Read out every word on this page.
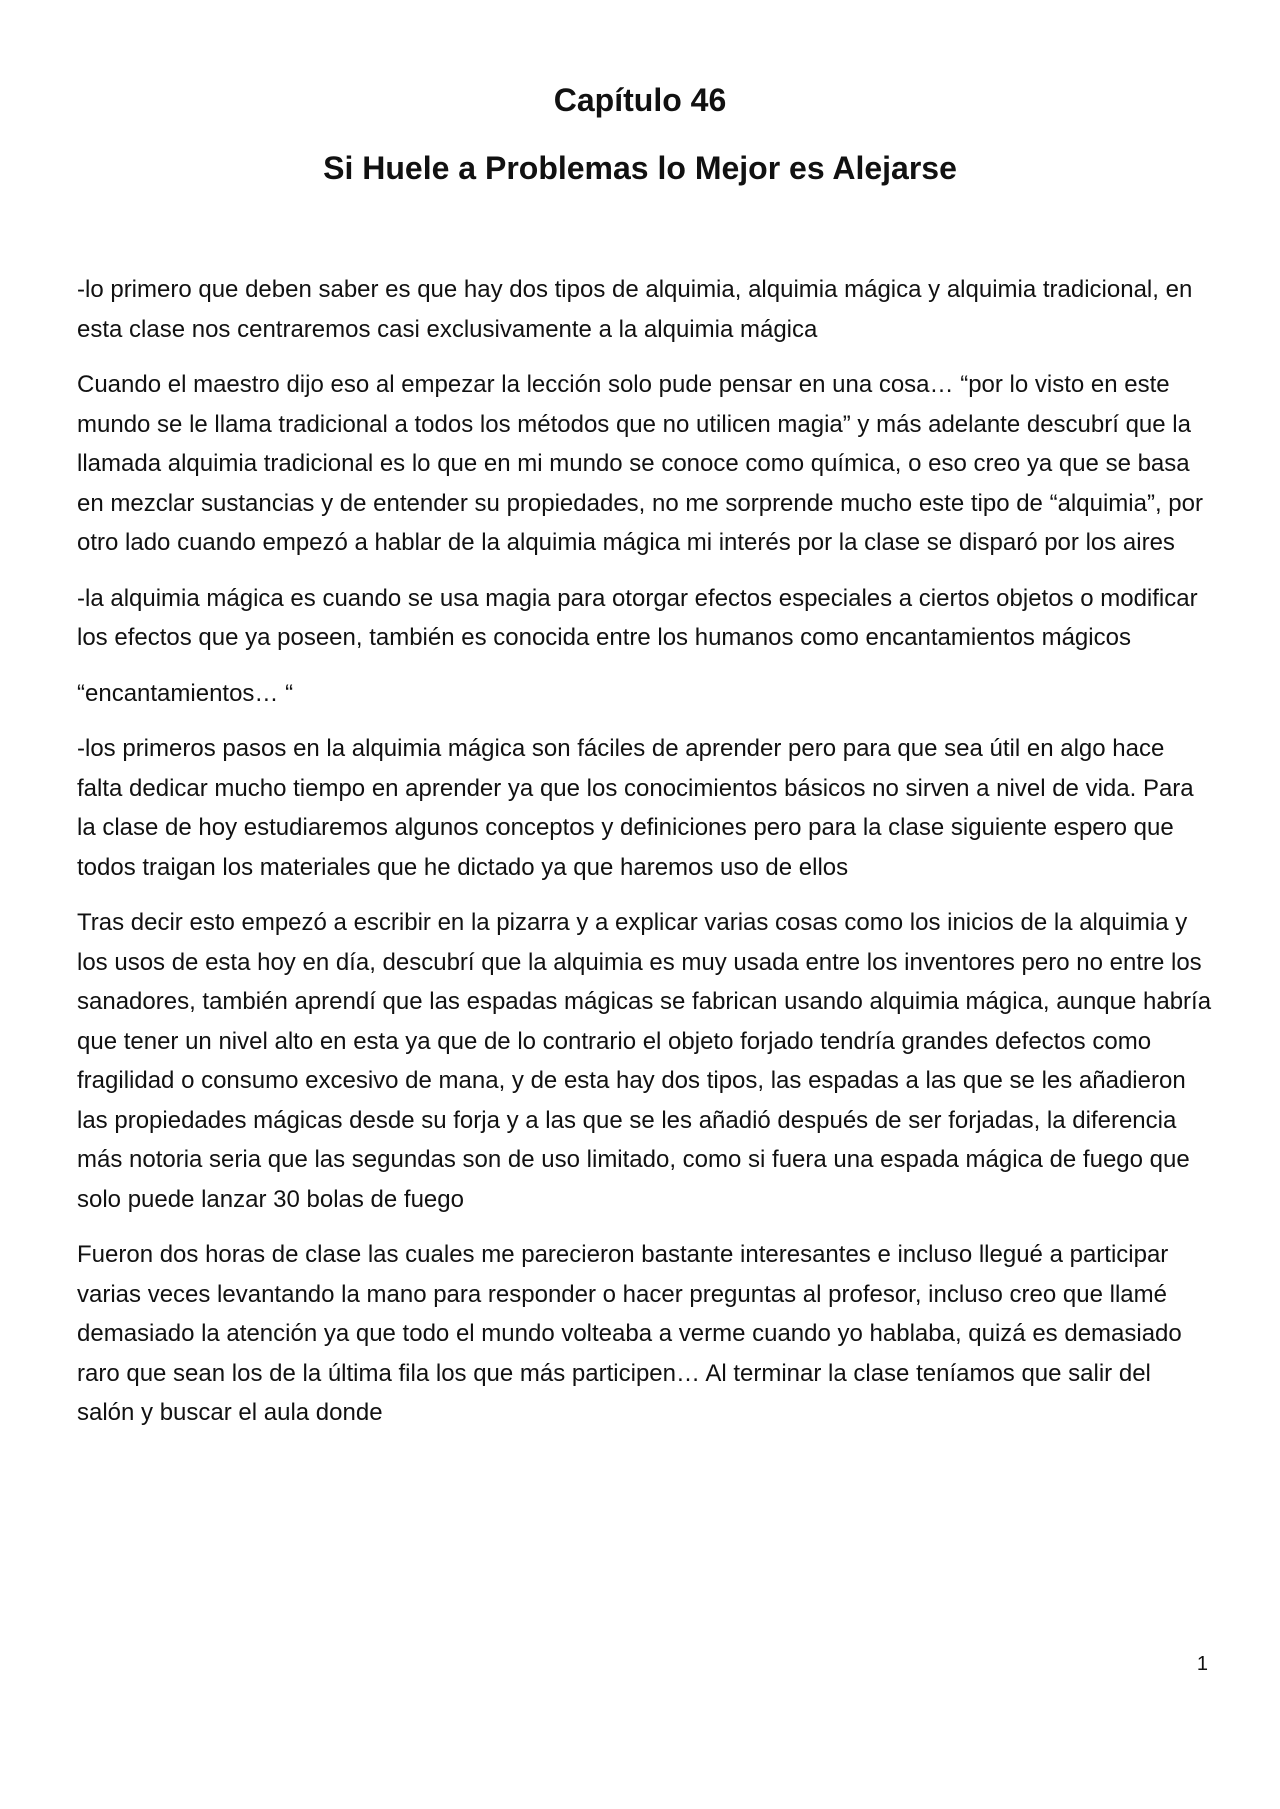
Capítulo 46
Si Huele a Problemas lo Mejor es Alejarse

-lo primero que deben saber es que hay dos tipos de alquimia, alquimia mágica y alquimia tradicional, en esta clase nos centraremos casi exclusivamente a la alquimia mágica

Cuando el maestro dijo eso al empezar la lección solo pude pensar en una cosa… “por lo visto en este mundo se le llama tradicional a todos los métodos que no utilicen magia” y más adelante descubrí que la llamada alquimia tradicional es lo que en mi mundo se conoce como química, o eso creo ya que se basa en mezclar sustancias y de entender su propiedades, no me sorprende mucho este tipo de “alquimia”, por otro lado cuando empezó a hablar de la alquimia mágica mi interés por la clase se disparó por los aires

-la alquimia mágica es cuando se usa magia para otorgar efectos especiales a ciertos objetos o modificar los efectos que ya poseen, también es conocida entre los humanos como encantamientos mágicos

“encantamientos… “

-los primeros pasos en la alquimia mágica son fáciles de aprender pero para que sea útil en algo hace falta dedicar mucho tiempo en aprender ya que los conocimientos básicos no sirven a nivel de vida. Para la clase de hoy estudiaremos algunos conceptos y definiciones pero para la clase siguiente espero que todos traigan los materiales que he dictado ya que haremos uso de ellos

Tras decir esto empezó a escribir en la pizarra y a explicar varias cosas como los inicios de la alquimia y los usos de esta hoy en día, descubrí que la alquimia es muy usada entre los inventores pero no entre los sanadores, también aprendí que las espadas mágicas se fabrican usando alquimia mágica, aunque habría que tener un nivel alto en esta ya que de lo contrario el objeto forjado tendría grandes defectos como fragilidad o consumo excesivo de mana, y de esta hay dos tipos, las espadas a las que se les añadieron las propiedades mágicas desde su forja y a las que se les añadió después de ser forjadas, la diferencia más notoria seria que las segundas son de uso limitado, como si fuera una espada mágica de fuego que solo puede lanzar 30 bolas de fuego

Fueron dos horas de clase las cuales me parecieron bastante interesantes e incluso llegué a participar varias veces levantando la mano para responder o hacer preguntas al profesor, incluso creo que llamé demasiado la atención ya que todo el mundo volteaba a verme cuando yo hablaba, quizá es demasiado raro que sean los de la última fila los que más participen… Al terminar la clase teníamos que salir del salón y buscar el aula donde

1
